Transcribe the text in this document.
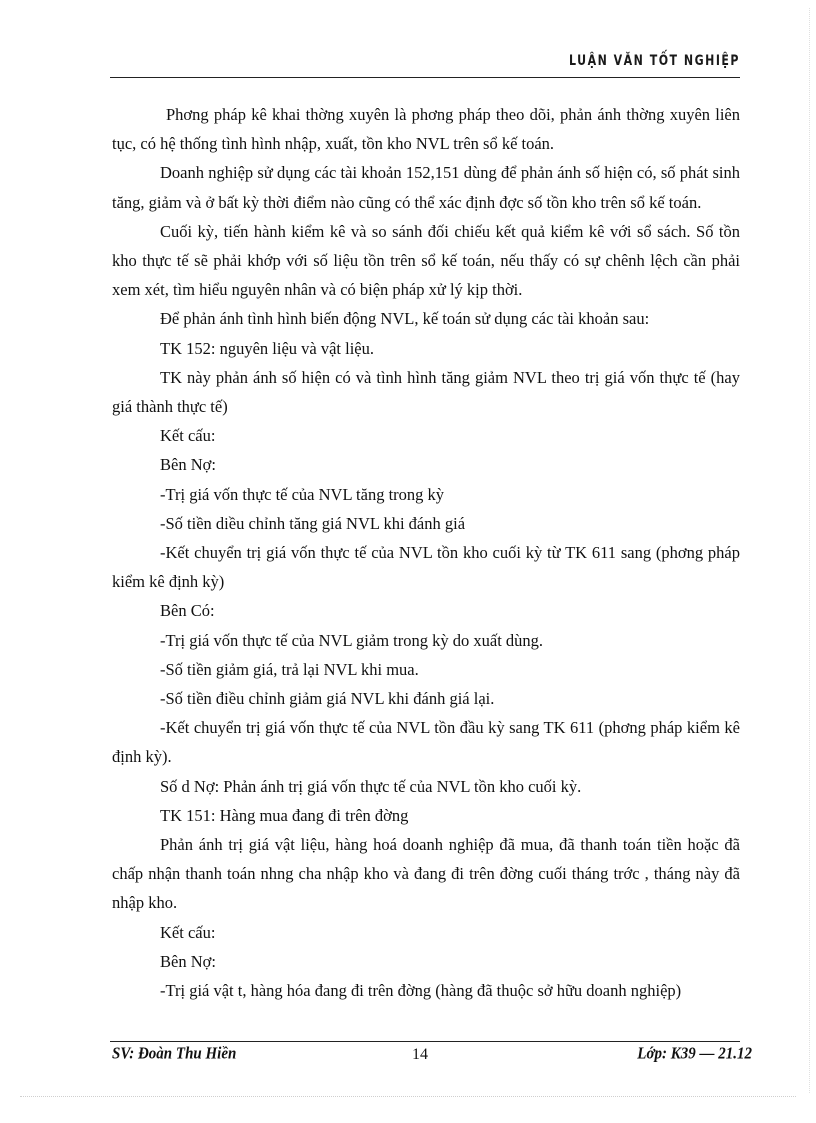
LUẬN VĂN TỐT NGHIỆP

Phơng pháp kê khai thờng xuyên là phơng pháp theo dõi, phản ánh thờng xuyên liên tục, có hệ thống tình hình nhập, xuất, tồn kho NVL trên sổ kế toán.

Doanh nghiệp sử dụng các tài khoản 152,151 dùng để phản ánh số hiện có, số phát sinh tăng, giảm và ở bất kỳ thời điểm nào cũng có thể xác định đợc số tồn kho trên sổ kế toán.

Cuối kỳ, tiến hành kiểm kê và so sánh đối chiếu kết quả kiểm kê với sổ sách. Số tồn kho thực tế sẽ phải khớp với số liệu tồn trên sổ kế toán, nếu thấy có sự chênh lệch cần phải xem xét, tìm hiểu nguyên nhân và có biện pháp xử lý kịp thời.

Để phản ánh tình hình biến động NVL, kế toán sử dụng các tài khoản sau:

TK 152: nguyên liệu và vật liệu.

TK này phản ánh số hiện có và tình hình tăng giảm NVL theo trị giá vốn thực tế (hay giá thành thực tế)

Kết cấu:

Bên Nợ:

-Trị giá vốn thực tế của NVL tăng trong kỳ

-Số tiền diều chỉnh tăng giá NVL khi đánh giá

-Kết chuyển trị giá vốn thực tế của NVL tồn kho cuối kỳ từ TK 611 sang (phơng pháp kiểm kê định kỳ)

Bên Có:

-Trị giá vốn thực tế của NVL giảm trong kỳ do xuất dùng.

-Số tiền giảm giá, trả lại NVL khi mua.

-Số tiền điều chỉnh giảm giá NVL khi đánh giá lại.

-Kết chuyển trị giá vốn thực tế của NVL tồn đầu kỳ sang TK 611 (phơng pháp kiểm kê định kỳ).

Số d Nợ: Phản ánh trị giá vốn thực tế của NVL tồn kho cuối kỳ.

TK 151: Hàng mua đang đi trên đờng

Phản ánh trị giá vật liệu, hàng hoá doanh nghiệp đã mua, đã thanh toán tiền hoặc đã chấp nhận thanh toán nhng cha nhập kho và đang đi trên đờng cuối tháng trớc , tháng này đã nhập kho.

Kết cấu:

Bên Nợ:

-Trị giá vật t, hàng hóa đang đi trên đờng (hàng đã thuộc sở hữu doanh nghiệp)

SV: Đoàn Thu Hiền	14	Lớp: K39 — 21.12
